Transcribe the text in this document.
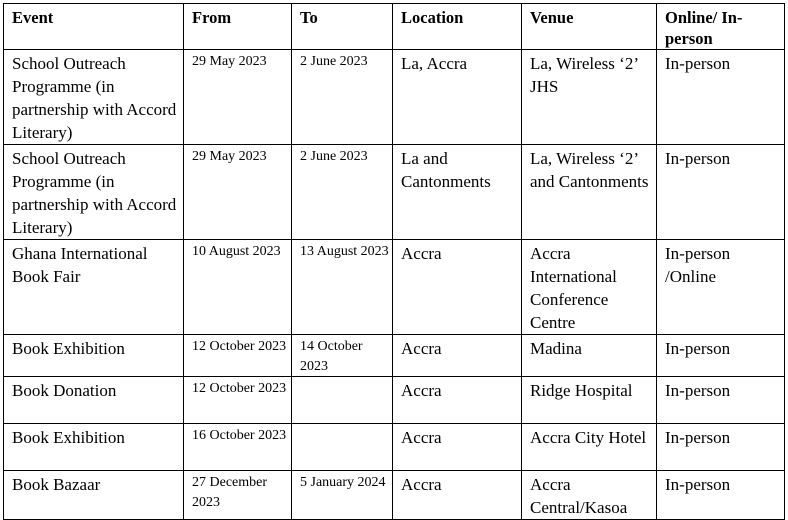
Event	From	To	Location	Venue	Online/ In-person
School Outreach Programme (in partnership with Accord Literary)	29 May 2023	2 June 2023	La, Accra	La, Wireless ‘2’ JHS	In-person
School Outreach Programme (in partnership with Accord Literary)	29 May 2023	2 June 2023	La and Cantonments	La, Wireless ‘2’ and Cantonments	In-person
Ghana International Book Fair	10 August 2023	13 August 2023	Accra	Accra International Conference Centre	In-person /Online
Book Exhibition	12 October 2023	14 October 2023	Accra	Madina	In-person
Book Donation	12 October 2023		Accra	Ridge Hospital	In-person
Book Exhibition	16 October 2023		Accra	Accra City Hotel	In-person
Book Bazaar	27 December 2023	5 January 2024	Accra	Accra Central/Kasoa	In-person
